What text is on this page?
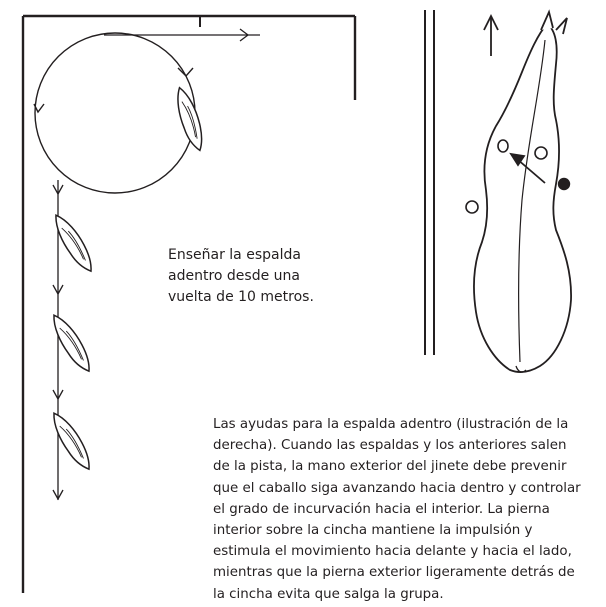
Enseñar la espalda adentro desde una vuelta de 10 metros.

Las ayudas para la espalda adentro (ilustración de la derecha). Cuando las espaldas y los anteriores salen de la pista, la mano exterior del jinete debe prevenir que el caballo siga avanzando hacia dentro y controlar el grado de incurvación hacia el interior. La pierna interior sobre la cincha mantiene la impulsión y estimula el movimiento hacia delante y hacia el lado, mientras que la pierna exterior ligeramente detrás de la cincha evita que salga la grupa.
